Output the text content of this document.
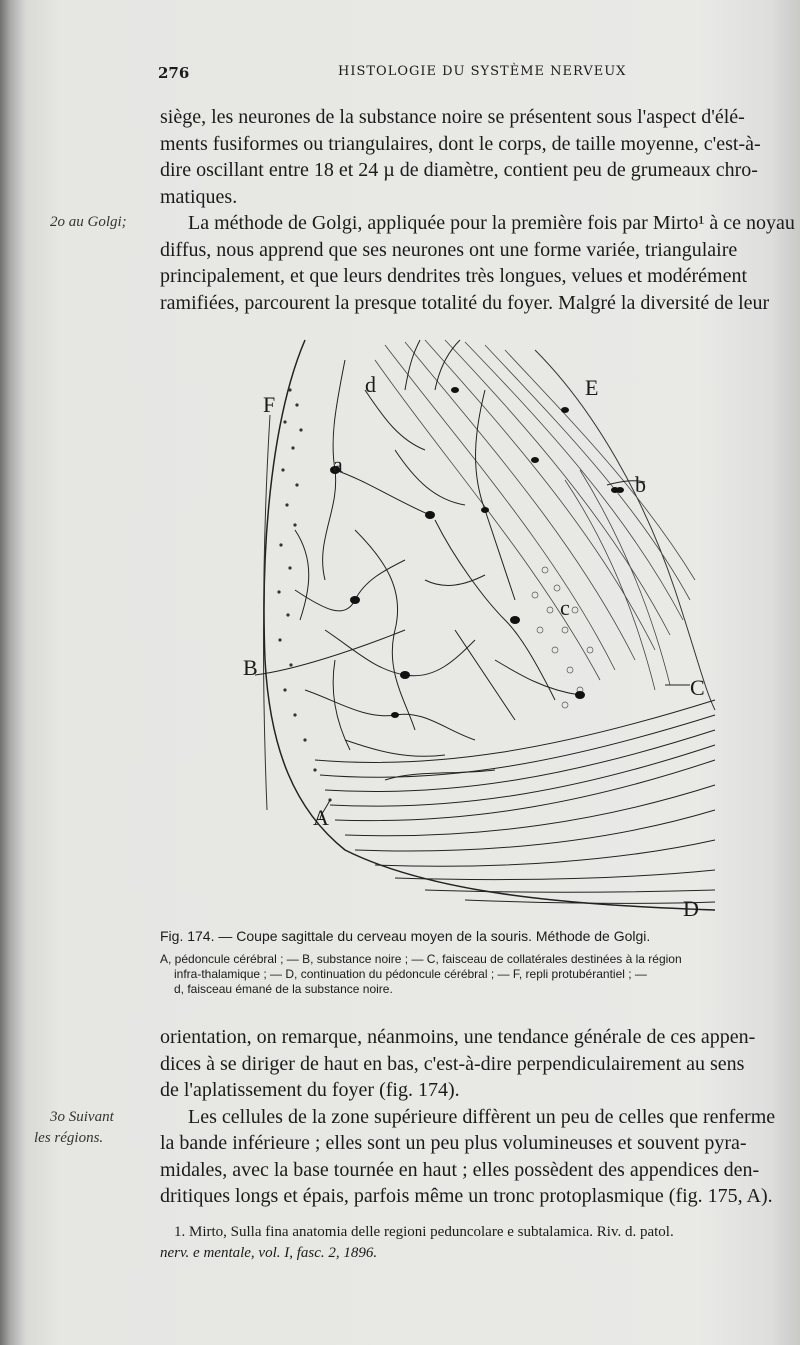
276	HISTOLOGIE DU SYSTÈME NERVEUX
2o au Golgi;
siège, les neurones de la substance noire se présentent sous l'aspect d'élé-
ments fusiformes ou triangulaires, dont le corps, de taille moyenne, c'est-à-
dire oscillant entre 18 et 24 µ de diamètre, contient peu de grumeaux chro-
matiques.
La méthode de Golgi, appliquée pour la première fois par Mirto¹ à ce noyau
diffus, nous apprend que ses neurones ont une forme variée, triangulaire
principalement, et que leurs dendrites très longues, velues et modérément
ramifiées, parcourent la presque totalité du foyer. Malgré la diversité de leur
F
d	E
a
b
c
B
C
A
D
Fig. 174. — Coupe sagittale du cerveau moyen de la souris. Méthode de Golgi.
A, pédoncule cérébral ; — B, substance noire ; — C, faisceau de collatérales destinées à la région
infra-thalamique ; — D, continuation du pédoncule cérébral ; — F, repli protubérantiel ; —
d, faisceau émané de la substance noire.
3o Suivant
les régions.
orientation, on remarque, néanmoins, une tendance générale de ces appen-
dices à se diriger de haut en bas, c'est-à-dire perpendiculairement au sens
de l'aplatissement du foyer (fig. 174).
Les cellules de la zone supérieure diffèrent un peu de celles que renferme
la bande inférieure ; elles sont un peu plus volumineuses et souvent pyra-
midales, avec la base tournée en haut ; elles possèdent des appendices den-
dritiques longs et épais, parfois même un tronc protoplasmique (fig. 175, A).
1. Mirto, Sulla fina anatomia delle regioni peduncolare e subtalamica. Riv. d. patol.
nerv. e mentale, vol. I, fasc. 2, 1896.
